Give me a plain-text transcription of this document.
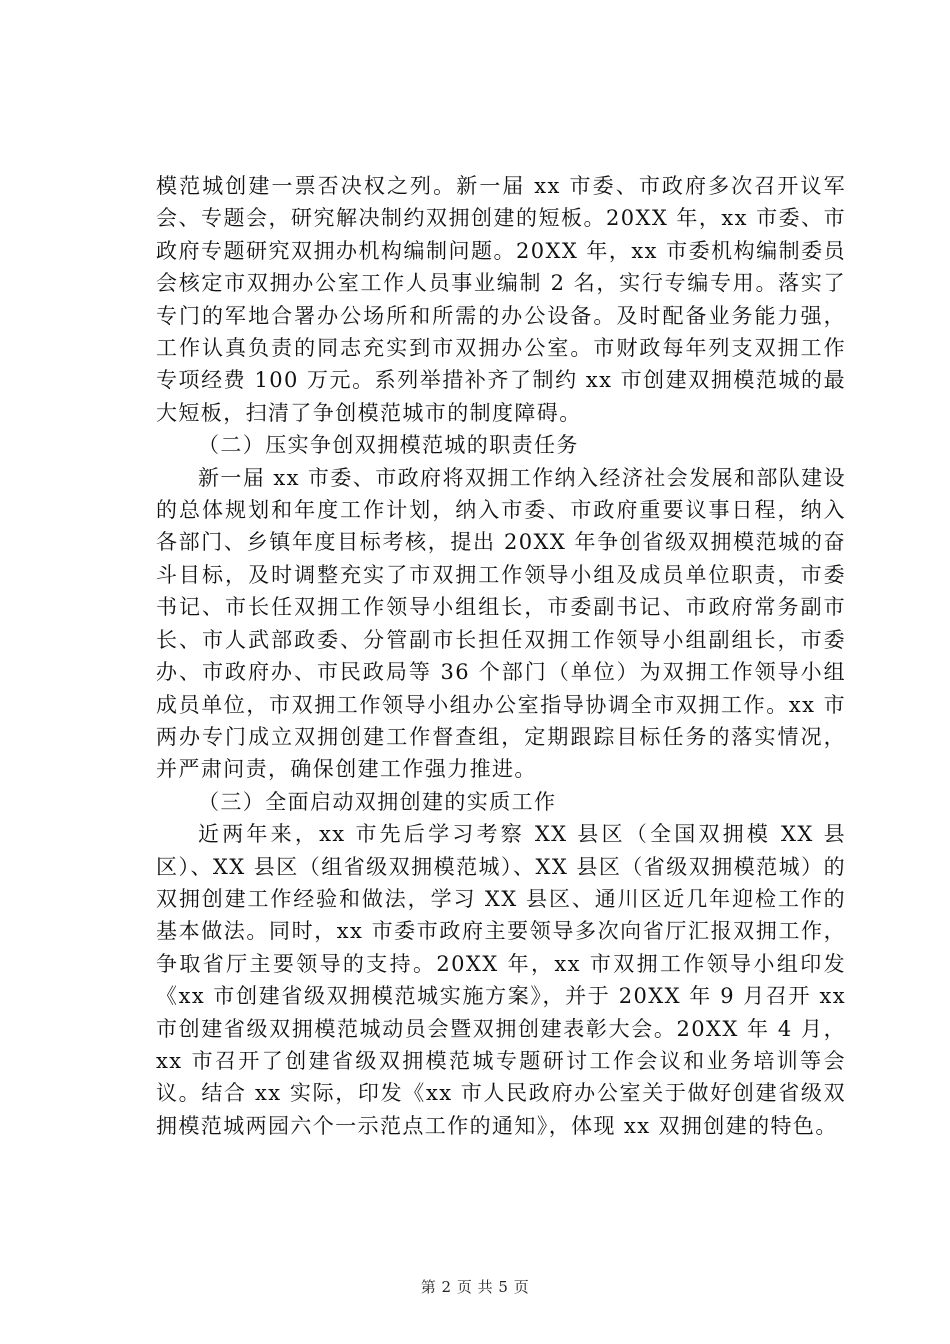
模范城创建一票否决权之列。新一届 xx 市委、市政府多次召开议军会、专题会，研究解决制约双拥创建的短板。20XX 年，xx 市委、市政府专题研究双拥办机构编制问题。20XX 年，xx 市委机构编制委员会核定市双拥办公室工作人员事业编制 2 名，实行专编专用。落实了专门的军地合署办公场所和所需的办公设备。及时配备业务能力强，工作认真负责的同志充实到市双拥办公室。市财政每年列支双拥工作专项经费 100 万元。系列举措补齐了制约 xx 市创建双拥模范城的最大短板，扫清了争创模范城市的制度障碍。

（二）压实争创双拥模范城的职责任务

新一届 xx 市委、市政府将双拥工作纳入经济社会发展和部队建设的总体规划和年度工作计划，纳入市委、市政府重要议事日程，纳入各部门、乡镇年度目标考核，提出 20XX 年争创省级双拥模范城的奋斗目标，及时调整充实了市双拥工作领导小组及成员单位职责，市委书记、市长任双拥工作领导小组组长，市委副书记、市政府常务副市长、市人武部政委、分管副市长担任双拥工作领导小组副组长，市委办、市政府办、市民政局等 36 个部门（单位）为双拥工作领导小组成员单位，市双拥工作领导小组办公室指导协调全市双拥工作。xx 市两办专门成立双拥创建工作督查组，定期跟踪目标任务的落实情况，并严肃问责，确保创建工作强力推进。

（三）全面启动双拥创建的实质工作

近两年来，xx 市先后学习考察 XX 县区（全国双拥模 XX 县区）、XX 县区（组省级双拥模范城）、XX 县区（省级双拥模范城）的双拥创建工作经验和做法，学习 XX 县区、通川区近几年迎检工作的基本做法。同时，xx 市委市政府主要领导多次向省厅汇报双拥工作，争取省厅主要领导的支持。20XX 年，xx 市双拥工作领导小组印发《xx 市创建省级双拥模范城实施方案》，并于 20XX 年 9 月召开 xx 市创建省级双拥模范城动员会暨双拥创建表彰大会。20XX 年 4 月，xx 市召开了创建省级双拥模范城专题研讨工作会议和业务培训等会议。结合 xx 实际，印发《xx 市人民政府办公室关于做好创建省级双拥模范城两园六个一示范点工作的通知》，体现 xx 双拥创建的特色。

第 2 页 共 5 页
